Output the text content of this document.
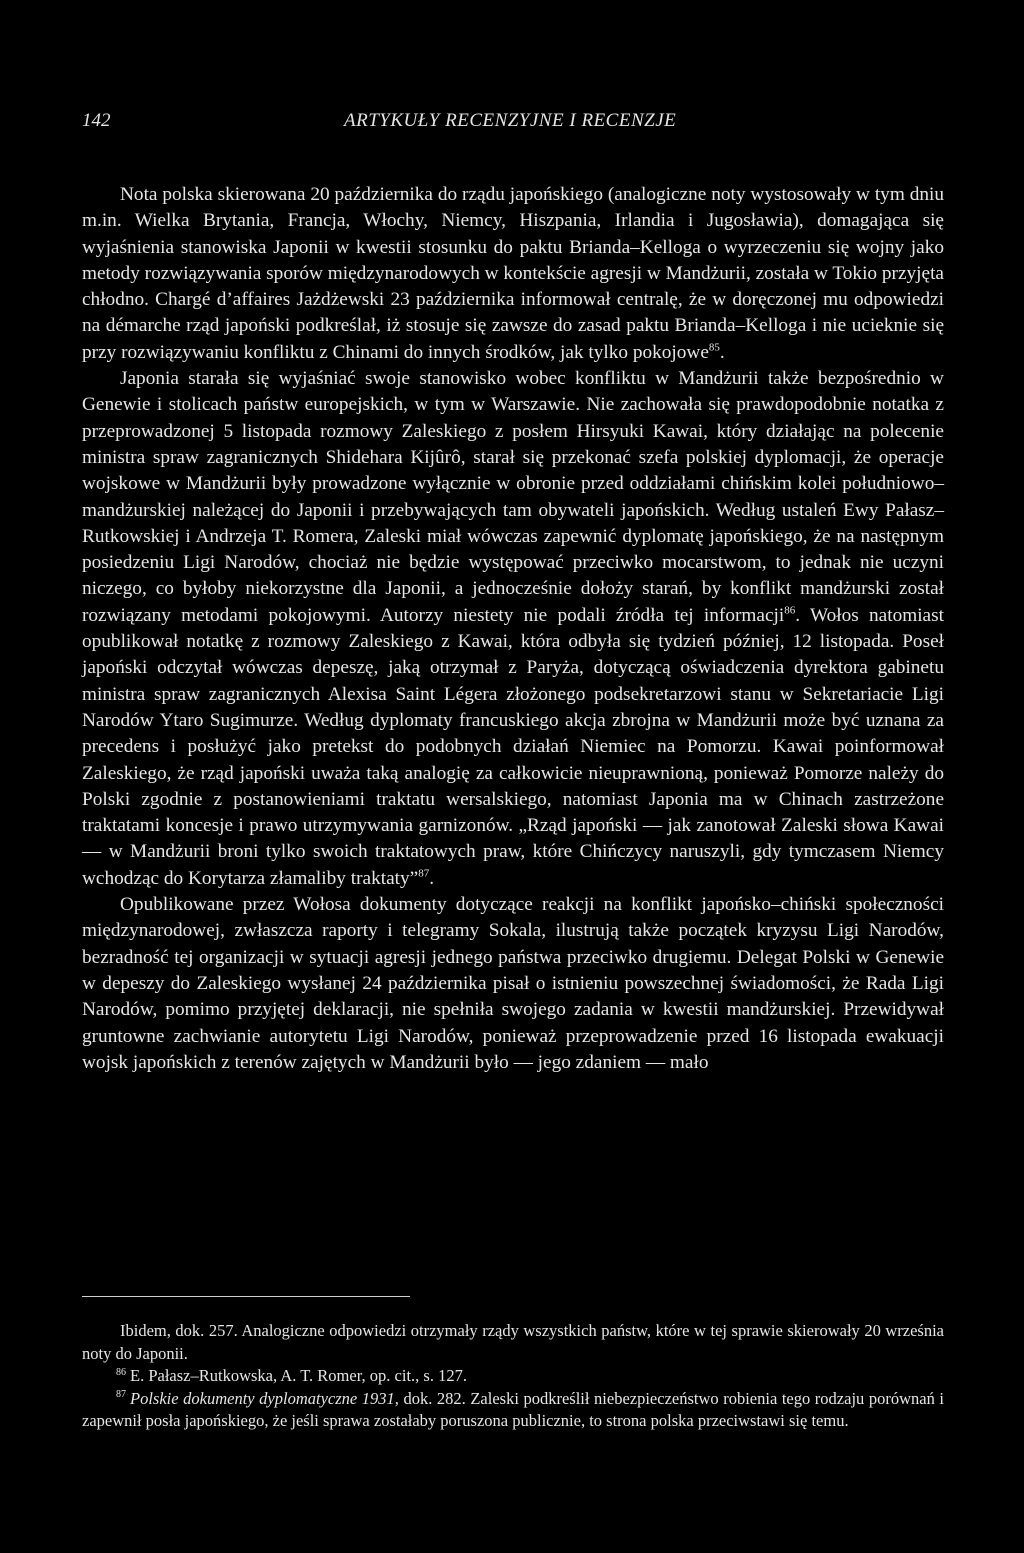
142	ARTYKUŁY RECENZYJNE I RECENZJE

Nota polska skierowana 20 października do rządu japońskiego (analogiczne noty wystosowały w tym dniu m.in. Wielka Brytania, Francja, Włochy, Niemcy, Hiszpania, Irlandia i Jugosławia), domagająca się wyjaśnienia stanowiska Japonii w kwestii stosunku do paktu Brianda–Kelloga o wyrzeczeniu się wojny jako metody rozwiązywania sporów międzynarodowych w kontekście agresji w Mandżurii, została w Tokio przyjęta chłodno. Chargé d’affaires Jażdżewski 23 października informował centralę, że w doręczonej mu odpowiedzi na démarche rząd japoński podkreślał, iż stosuje się zawsze do zasad paktu Brianda–Kelloga i nie ucieknie się przy rozwiązywaniu konfliktu z Chinami do innych środków, jak tylko pokojowe$^{85}$.

Japonia starała się wyjaśniać swoje stanowisko wobec konfliktu w Mandżurii także bezpośrednio w Genewie i stolicach państw europejskich, w tym w Warszawie. Nie zachowała się prawdopodobnie notatka z przeprowadzonej 5 listopada rozmowy Zaleskiego z posłem Hirsyuki Kawai, który działając na polecenie ministra spraw zagranicznych Shidehara Kijûrô, starał się przekonać szefa polskiej dyplomacji, że operacje wojskowe w Mandżurii były prowadzone wyłącznie w obronie przed oddziałami chińskim kolei południowo–mandżurskiej należącej do Japonii i przebywających tam obywateli japońskich. Według ustaleń Ewy Pałasz–Rutkowskiej i Andrzeja T. Romera, Zaleski miał wówczas zapewnić dyplomatę japońskiego, że na następnym posiedzeniu Ligi Narodów, chociaż nie będzie występować przeciwko mocarstwom, to jednak nie uczyni niczego, co byłoby niekorzystne dla Japonii, a jednocześnie dołoży starań, by konflikt mandżurski został rozwiązany metodami pokojowymi. Autorzy niestety nie podali źródła tej informacji$^{86}$. Wołos natomiast opublikował notatkę z rozmowy Zaleskiego z Kawai, która odbyła się tydzień później, 12 listopada. Poseł japoński odczytał wówczas depeszę, jaką otrzymał z Paryża, dotyczącą oświadczenia dyrektora gabinetu ministra spraw zagranicznych Alexisa Saint Légera złożonego podsekretarzowi stanu w Sekretariacie Ligi Narodów Ytaro Sugimurze. Według dyplomaty francuskiego akcja zbrojna w Mandżurii może być uznana za precedens i posłużyć jako pretekst do podobnych działań Niemiec na Pomorzu. Kawai poinformował Zaleskiego, że rząd japoński uważa taką analogię za całkowicie nieuprawnioną, ponieważ Pomorze należy do Polski zgodnie z postanowieniami traktatu wersalskiego, natomiast Japonia ma w Chinach zastrzeżone traktatami koncesje i prawo utrzymywania garnizonów. „Rząd japoński — jak zanotował Zaleski słowa Kawai — w Mandżurii broni tylko swoich traktatowych praw, które Chińczycy naruszyli, gdy tymczasem Niemcy wchodząc do Korytarza złamaliby traktaty”$^{87}$.

Opublikowane przez Wołosa dokumenty dotyczące reakcji na konflikt japońsko–chiński społeczności międzynarodowej, zwłaszcza raporty i telegramy Sokala, ilustrują także początek kryzysu Ligi Narodów, bezradność tej organizacji w sytuacji agresji jednego państwa przeciwko drugiemu. Delegat Polski w Genewie w depeszy do Zaleskiego wysłanej 24 października pisał o istnieniu powszechnej świadomości, że Rada Ligi Narodów, pomimo przyjętej deklaracji, nie spełniła swojego zadania w kwestii mandżurskiej. Przewidywał gruntowne zachwianie autorytetu Ligi Narodów, ponieważ przeprowadzenie przed 16 listopada ewakuacji wojsk japońskich z terenów zajętych w Mandżurii było — jego zdaniem — mało

Ibidem, dok. 257. Analogiczne odpowiedzi otrzymały rządy wszystkich państw, które w tej sprawie skierowały 20 września noty do Japonii.

$^{86}$ E. Pałasz–Rutkowska, A. T. Romer, op. cit., s. 127.

$^{87}$ Polskie dokumenty dyplomatyczne 1931, dok. 282. Zaleski podkreślił niebezpieczeństwo robienia tego rodzaju porównań i zapewnił posła japońskiego, że jeśli sprawa zostałaby poruszona publicznie, to strona polska przeciwstawi się temu.
